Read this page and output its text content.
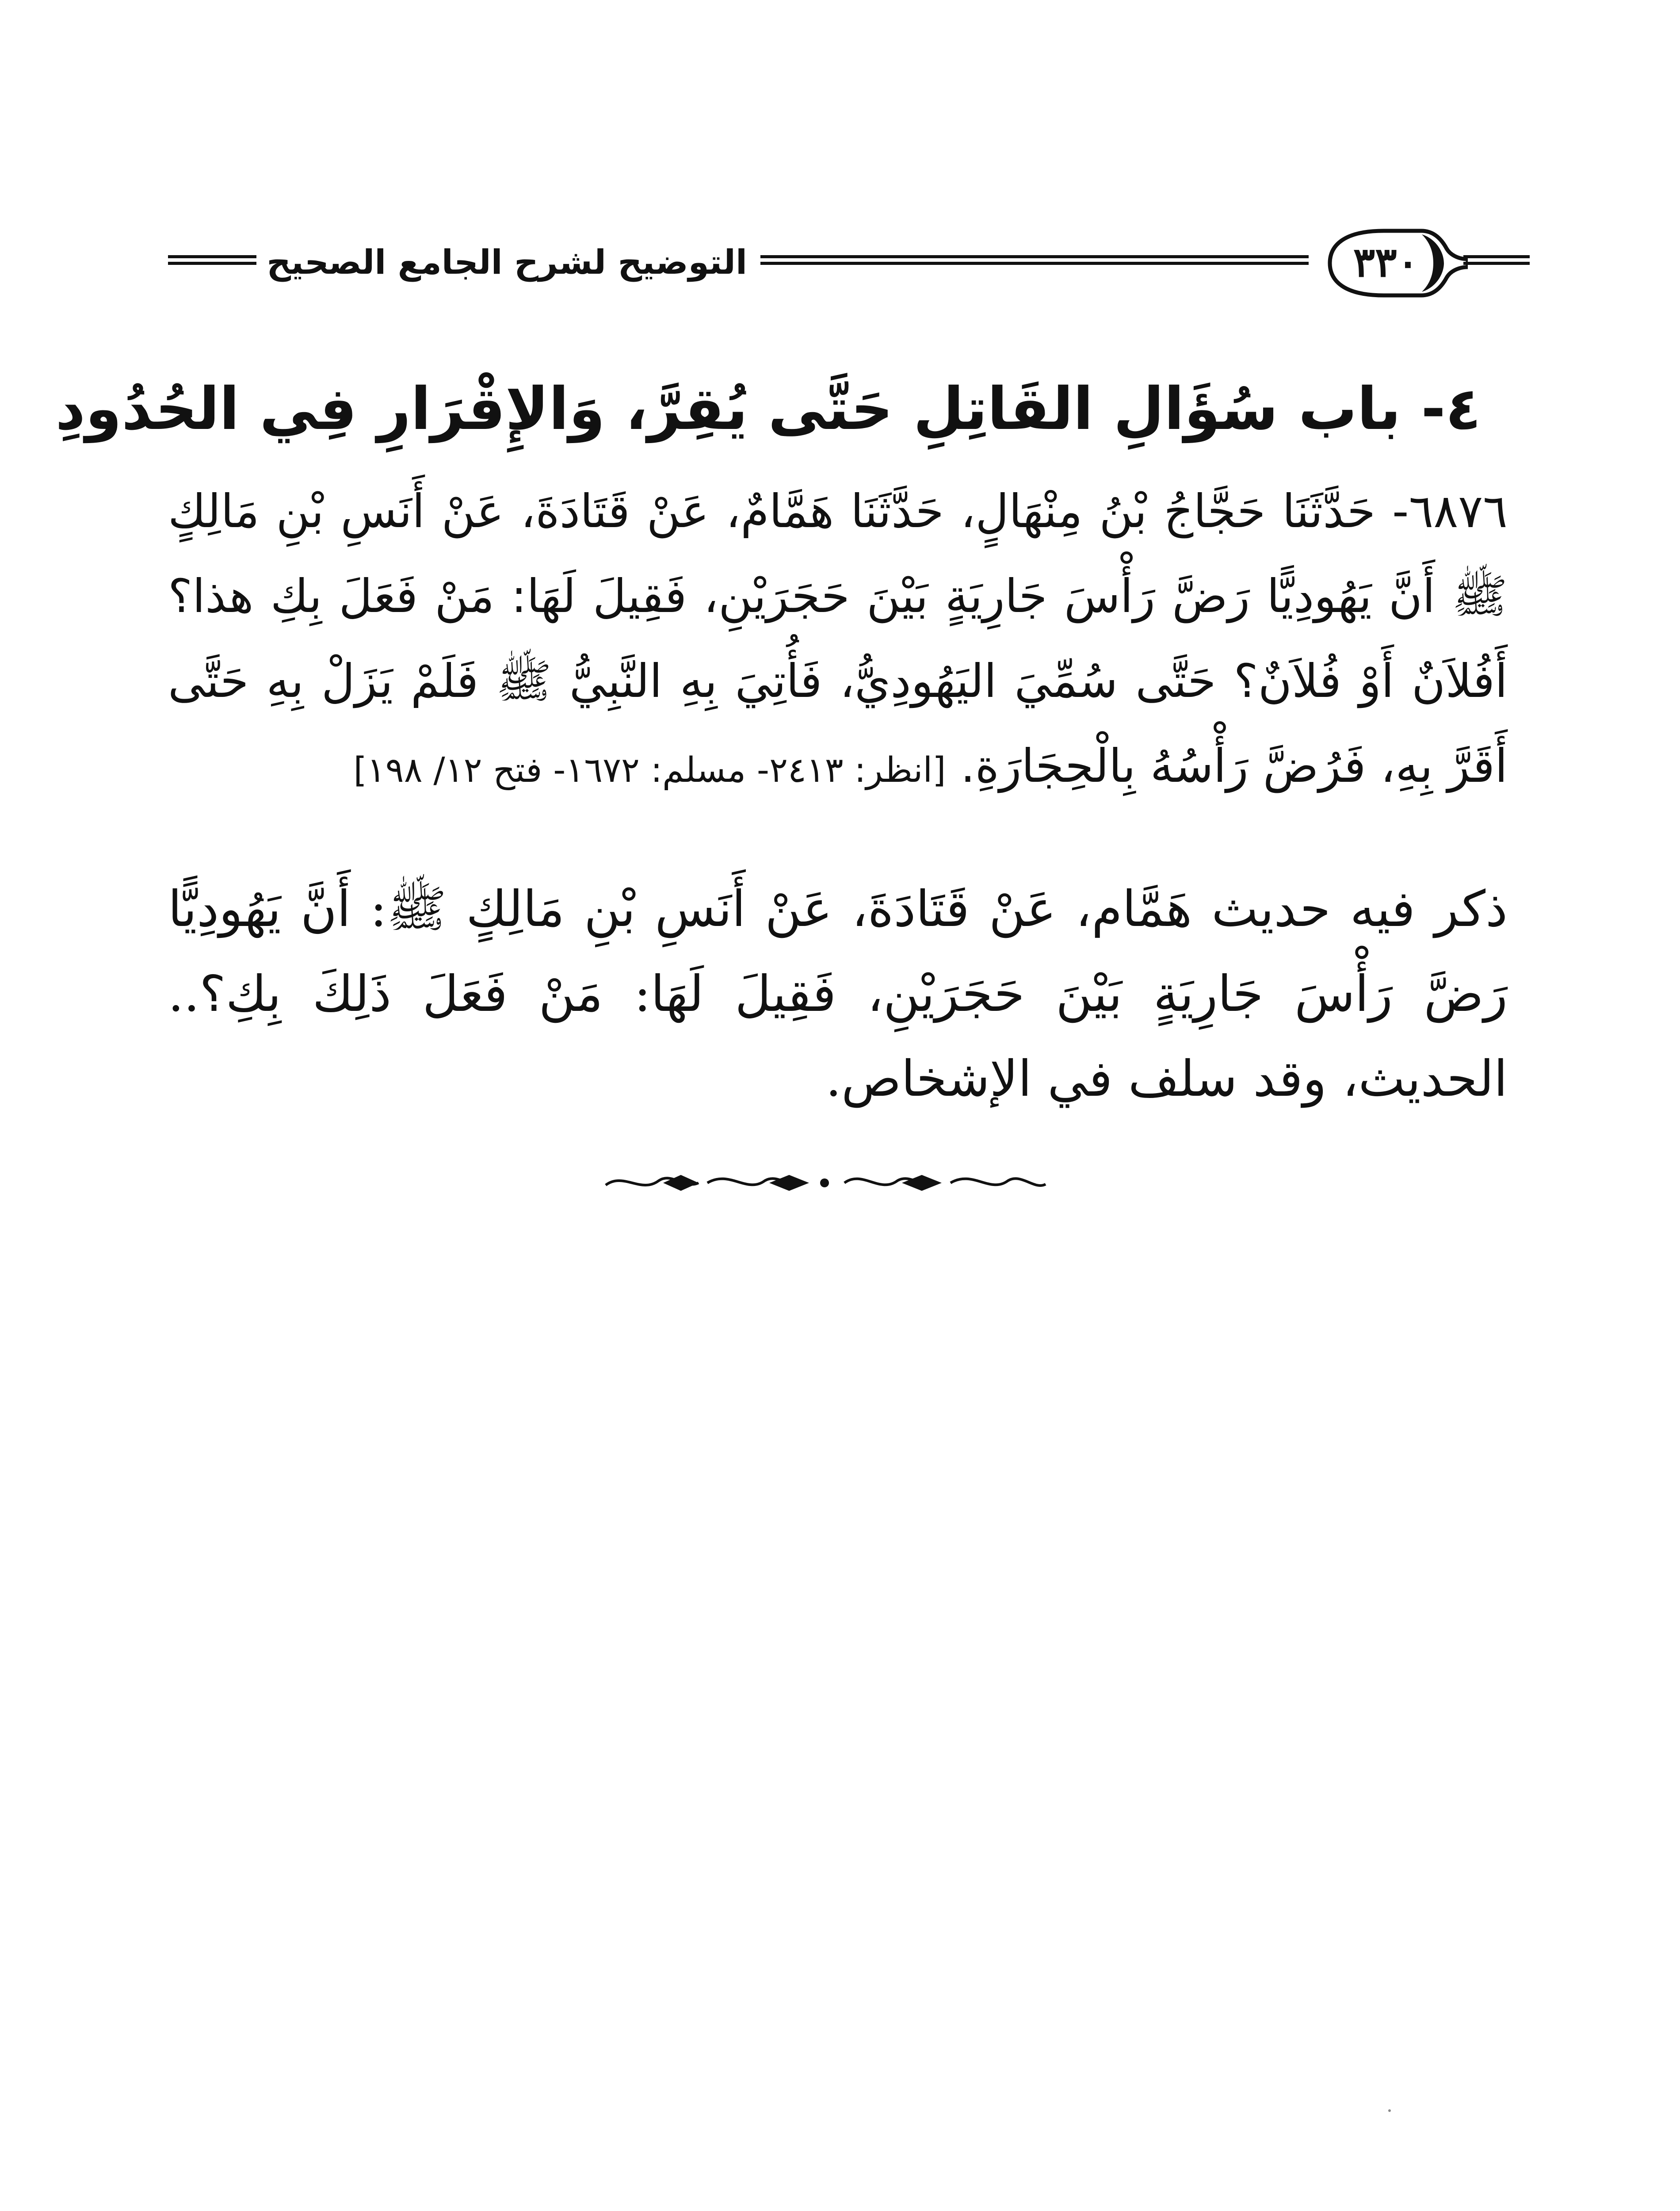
التوضيح لشرح الجامع الصحيح	٣٣٠
٤- باب سُؤَالِ القَاتِلِ حَتَّى يُقِرَّ، وَالإِقْرَارِ فِي الحُدُودِ
٦٨٧٦- حَدَّثَنَا حَجَّاجُ بْنُ مِنْهَالٍ، حَدَّثَنَا هَمَّامٌ، عَنْ قَتَادَةَ، عَنْ أَنَسِ بْنِ مَالِكٍ ﷺ أَنَّ يَهُودِيًّا رَضَّ رَأْسَ جَارِيَةٍ بَيْنَ حَجَرَيْنِ، فَقِيلَ لَهَا: مَنْ فَعَلَ بِكِ هذا؟ أَفُلاَنٌ أَوْ فُلاَنٌ؟ حَتَّى سُمِّيَ اليَهُودِيُّ، فَأُتِيَ بِهِ النَّبِيُّ ﷺ فَلَمْ يَزَلْ بِهِ حَتَّى أَقَرَّ بِهِ، فَرُضَّ رَأْسُهُ بِالْحِجَارَةِ. [انظر: ٢٤١٣- مسلم: ١٦٧٢- فتح ١٢/ ١٩٨]
ذكر فيه حديث هَمَّام، عَنْ قَتَادَةَ، عَنْ أَنَسِ بْنِ مَالِكٍ ﷺ: أَنَّ يَهُودِيًّا رَضَّ رَأْسَ جَارِيَةٍ بَيْنَ حَجَرَيْنِ، فَقِيلَ لَهَا: مَنْ فَعَلَ ذَلِكَ بِكِ؟.. الحديث، وقد سلف في الإشخاص.
